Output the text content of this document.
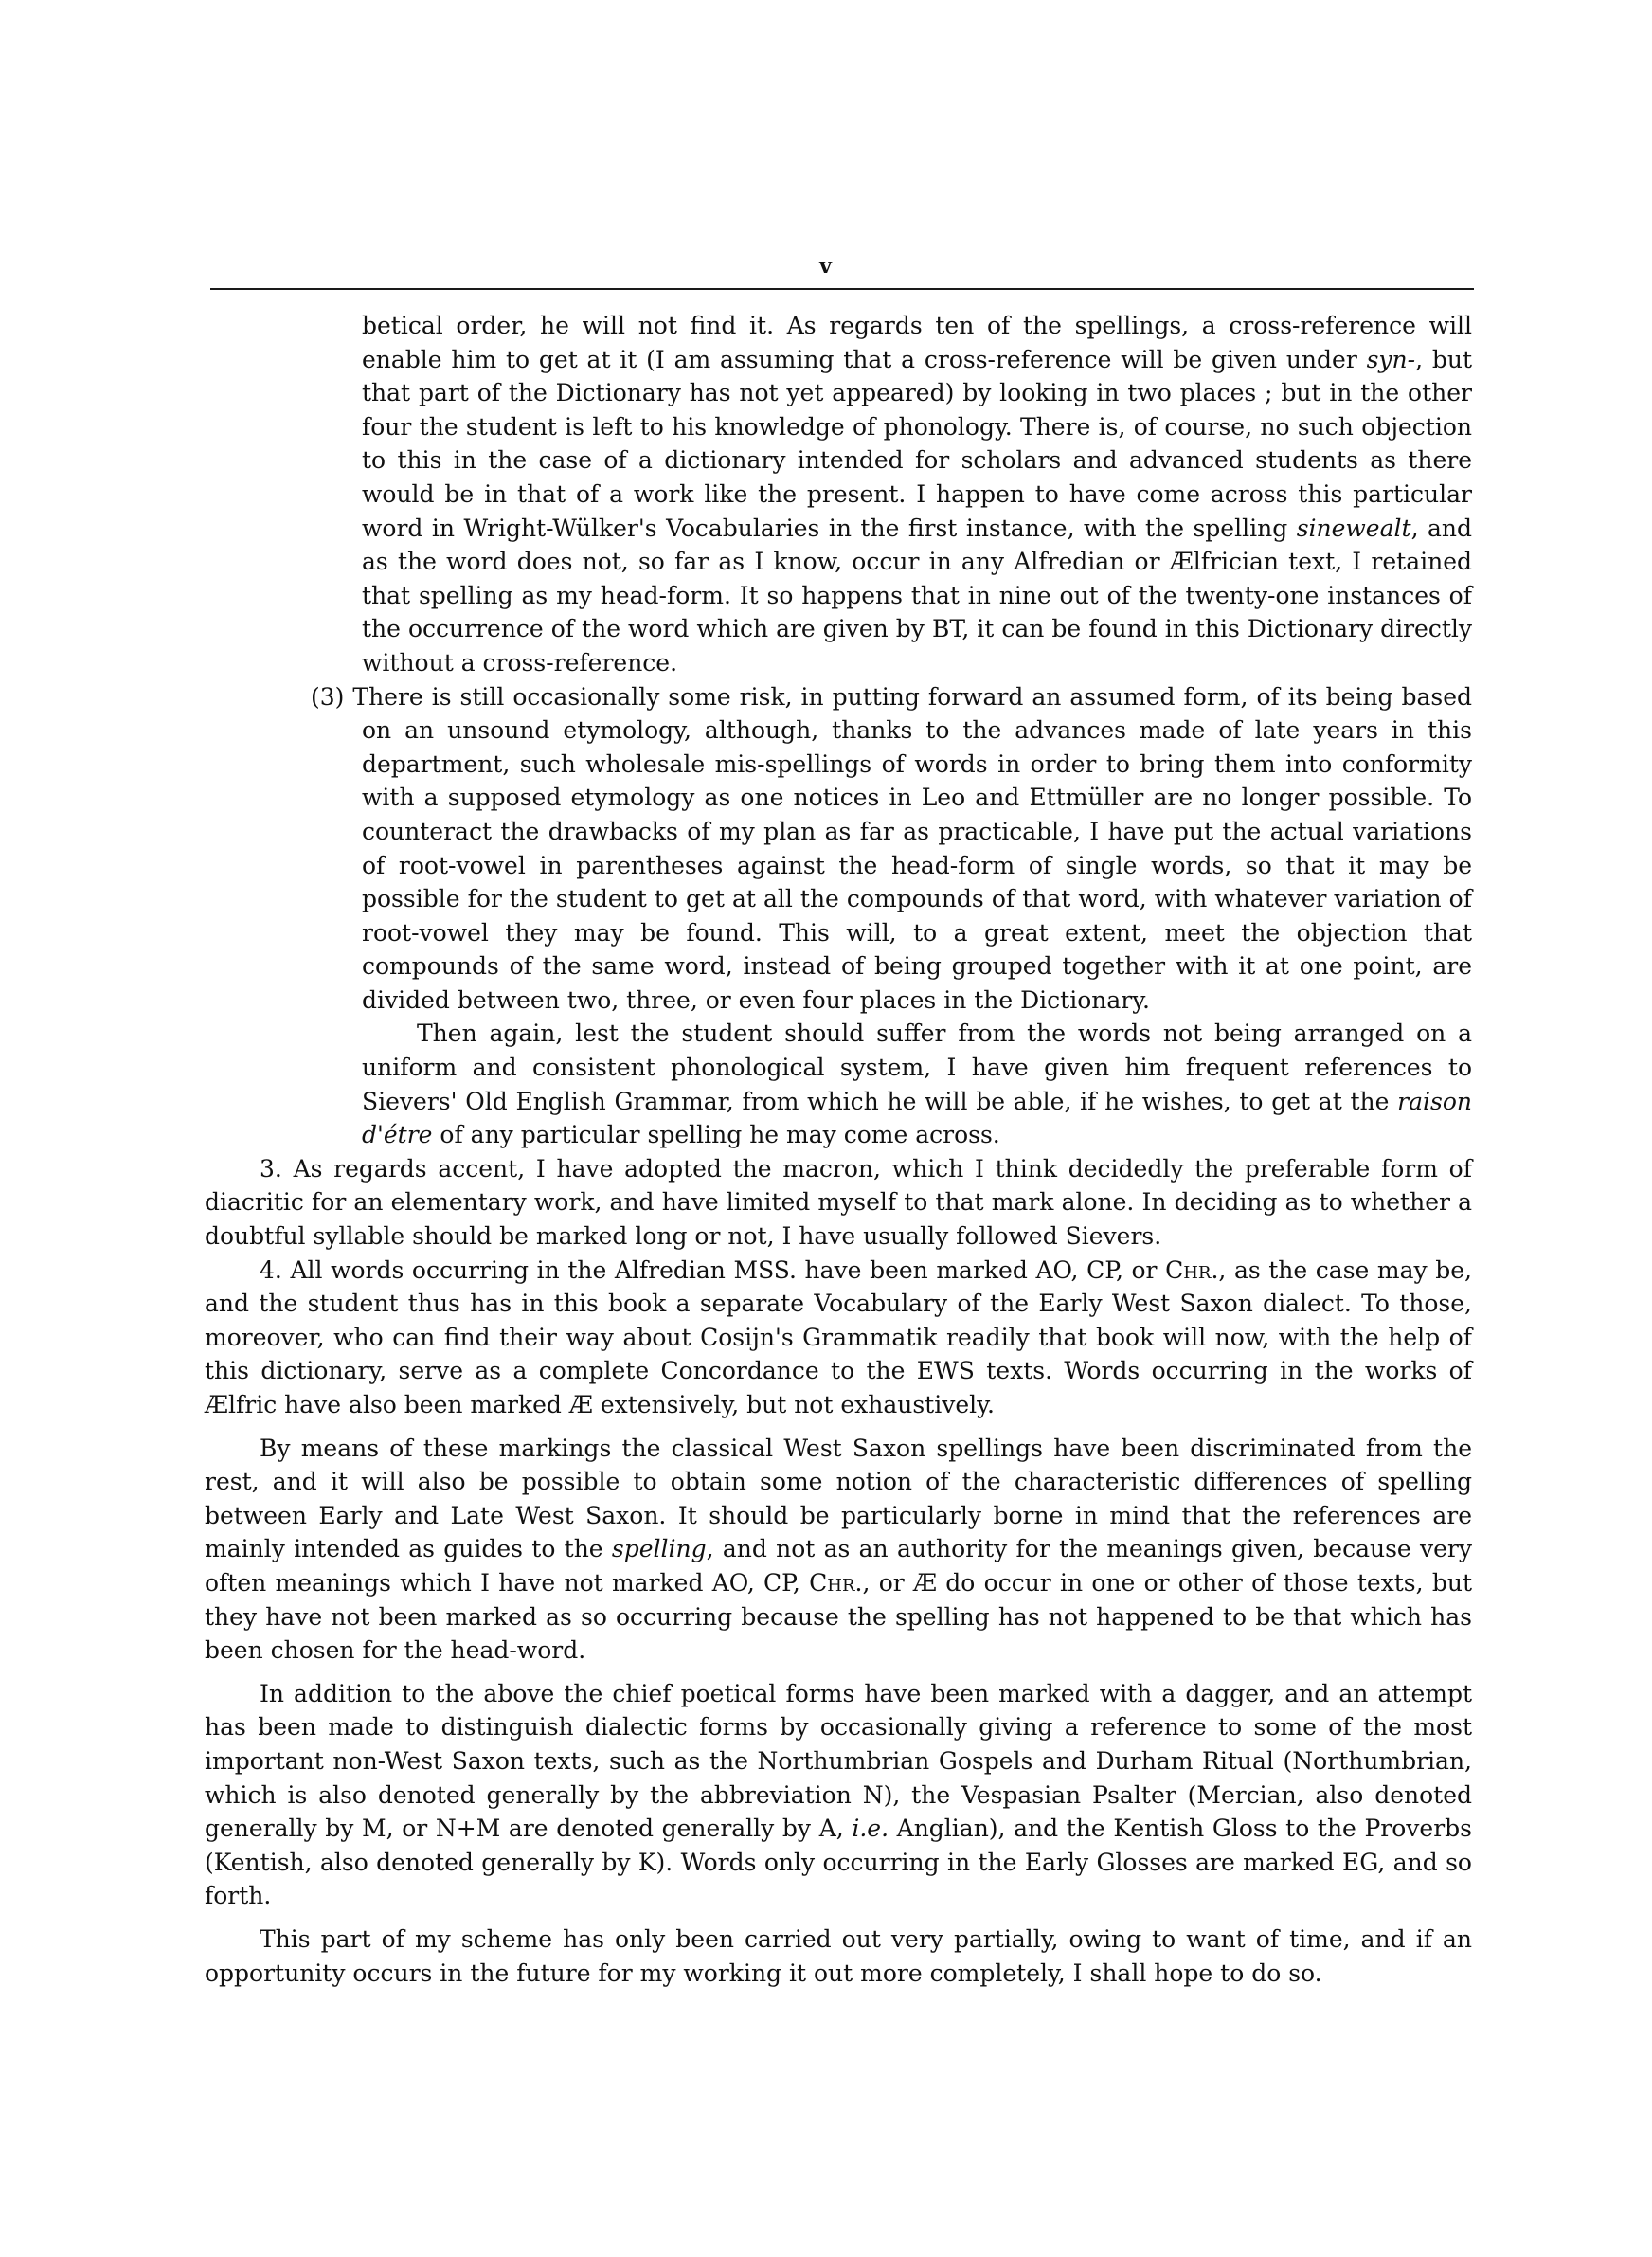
v

betical order, he will not find it. As regards ten of the spellings, a cross-reference will enable him to get at it (I am assuming that a cross-reference will be given under syn-, but that part of the Dictionary has not yet appeared) by looking in two places ; but in the other four the student is left to his knowledge of phonology. There is, of course, no such objection to this in the case of a dictionary intended for scholars and advanced students as there would be in that of a work like the present. I happen to have come across this particular word in Wright-Wülker's Vocabularies in the first instance, with the spelling sinewealt, and as the word does not, so far as I know, occur in any Alfredian or Ælfrician text, I retained that spelling as my head-form. It so happens that in nine out of the twenty-one instances of the occurrence of the word which are given by BT, it can be found in this Dictionary directly without a cross-reference.

(3) There is still occasionally some risk, in putting forward an assumed form, of its being based on an unsound etymology, although, thanks to the advances made of late years in this department, such wholesale mis-spellings of words in order to bring them into conformity with a supposed etymology as one notices in Leo and Ettmüller are no longer possible. To counteract the drawbacks of my plan as far as practicable, I have put the actual variations of root-vowel in parentheses against the head-form of single words, so that it may be possible for the student to get at all the compounds of that word, with whatever variation of root-vowel they may be found. This will, to a great extent, meet the objection that compounds of the same word, instead of being grouped together with it at one point, are divided between two, three, or even four places in the Dictionary.

Then again, lest the student should suffer from the words not being arranged on a uniform and consistent phonological system, I have given him frequent references to Sievers' Old English Grammar, from which he will be able, if he wishes, to get at the raison d'étre of any particular spelling he may come across.

3. As regards accent, I have adopted the macron, which I think decidedly the preferable form of diacritic for an elementary work, and have limited myself to that mark alone. In deciding as to whether a doubtful syllable should be marked long or not, I have usually followed Sievers.

4. All words occurring in the Alfredian MSS. have been marked AO, CP, or Chr., as the case may be, and the student thus has in this book a separate Vocabulary of the Early West Saxon dialect. To those, moreover, who can find their way about Cosijn's Grammatik readily that book will now, with the help of this dictionary, serve as a complete Concordance to the EWS texts. Words occurring in the works of Ælfric have also been marked Æ extensively, but not exhaustively.

By means of these markings the classical West Saxon spellings have been discriminated from the rest, and it will also be possible to obtain some notion of the characteristic differences of spelling between Early and Late West Saxon. It should be particularly borne in mind that the references are mainly intended as guides to the spelling, and not as an authority for the meanings given, because very often meanings which I have not marked AO, CP, Chr., or Æ do occur in one or other of those texts, but they have not been marked as so occurring because the spelling has not happened to be that which has been chosen for the head-word.

In addition to the above the chief poetical forms have been marked with a dagger, and an attempt has been made to distinguish dialectic forms by occasionally giving a reference to some of the most important non-West Saxon texts, such as the Northumbrian Gospels and Durham Ritual (Northumbrian, which is also denoted generally by the abbreviation N), the Vespasian Psalter (Mercian, also denoted generally by M, or N+M are denoted generally by A, i.e. Anglian), and the Kentish Gloss to the Proverbs (Kentish, also denoted generally by K). Words only occurring in the Early Glosses are marked EG, and so forth.

This part of my scheme has only been carried out very partially, owing to want of time, and if an opportunity occurs in the future for my working it out more completely, I shall hope to do so.
